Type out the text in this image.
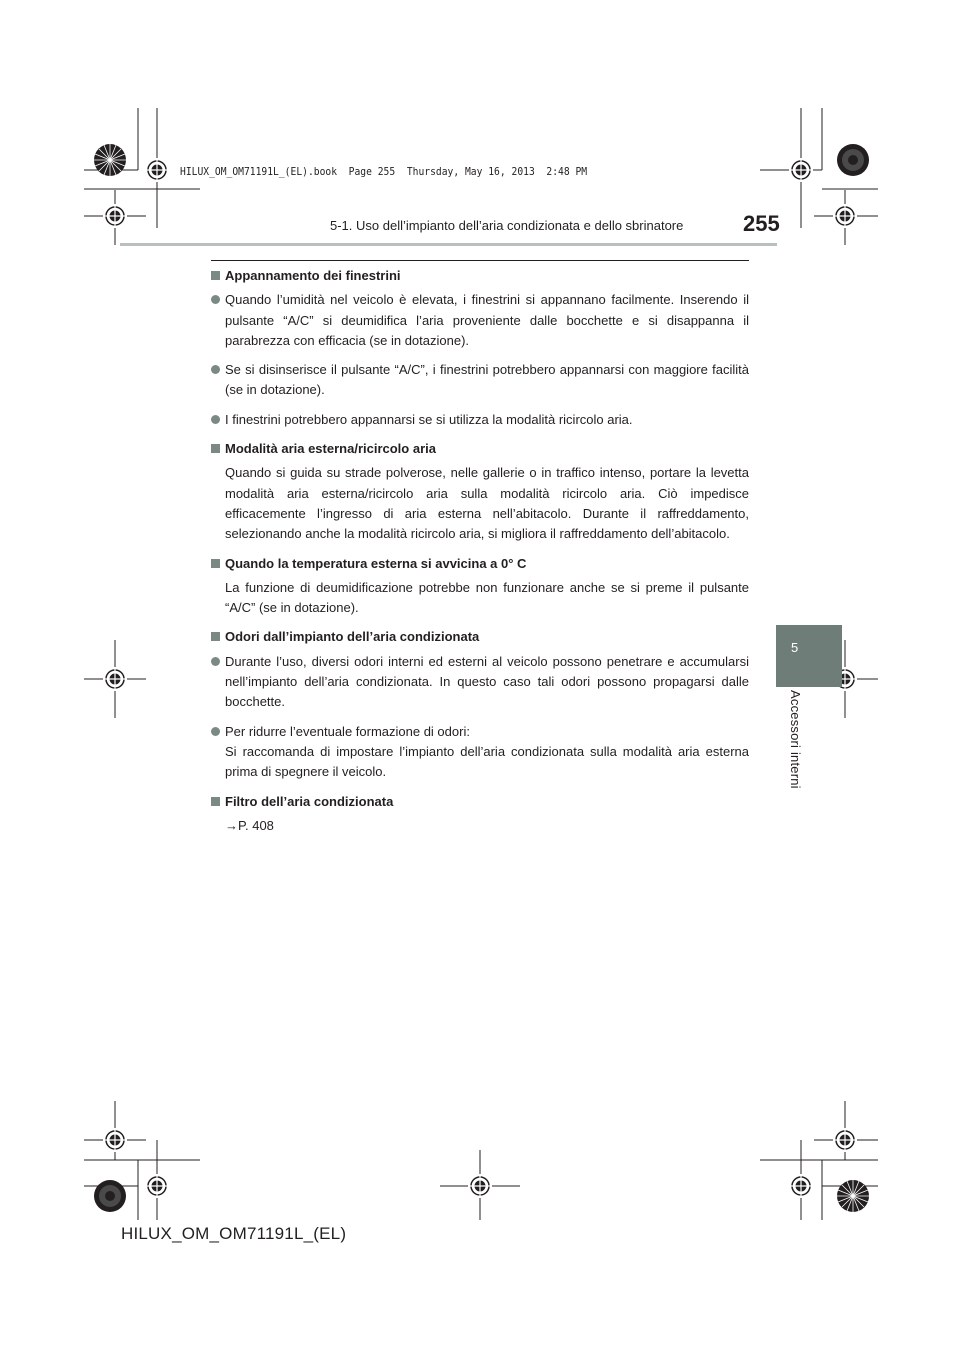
HILUX_OM_OM71191L_(EL).book  Page 255  Thursday, May 16, 2013  2:48 PM
5-1. Uso dell’impianto dell’aria condizionata e dello sbrinatore	255
5
Accessori interni
Appannamento dei finestrini
Quando l’umidità nel veicolo è elevata, i finestrini si appannano facilmente. Inserendo il pulsante “A/C” si deumidifica l’aria proveniente dalle bocchette e si disappanna il parabrezza con efficacia (se in dotazione).
Se si disinserisce il pulsante “A/C”, i finestrini potrebbero appannarsi con maggiore facilità (se in dotazione).
I finestrini potrebbero appannarsi se si utilizza la modalità ricircolo aria.
Modalità aria esterna/ricircolo aria
Quando si guida su strade polverose, nelle gallerie o in traffico intenso, portare la levetta modalità aria esterna/ricircolo aria sulla modalità ricircolo aria. Ciò impedisce efficacemente l’ingresso di aria esterna nell’abitacolo. Durante il raffreddamento, selezionando anche la modalità ricircolo aria, si migliora il raffreddamento dell’abitacolo.
Quando la temperatura esterna si avvicina a 0° C
La funzione di deumidificazione potrebbe non funzionare anche se si preme il pulsante “A/C” (se in dotazione).
Odori dall’impianto dell’aria condizionata
Durante l’uso, diversi odori interni ed esterni al veicolo possono penetrare e accumularsi nell’impianto dell’aria condizionata. In questo caso tali odori possono propagarsi dalle bocchette.
Per ridurre l’eventuale formazione di odori:
Si raccomanda di impostare l’impianto dell’aria condizionata sulla modalità aria esterna prima di spegnere il veicolo.
Filtro dell’aria condizionata
→P. 408
HILUX_OM_OM71191L_(EL)
